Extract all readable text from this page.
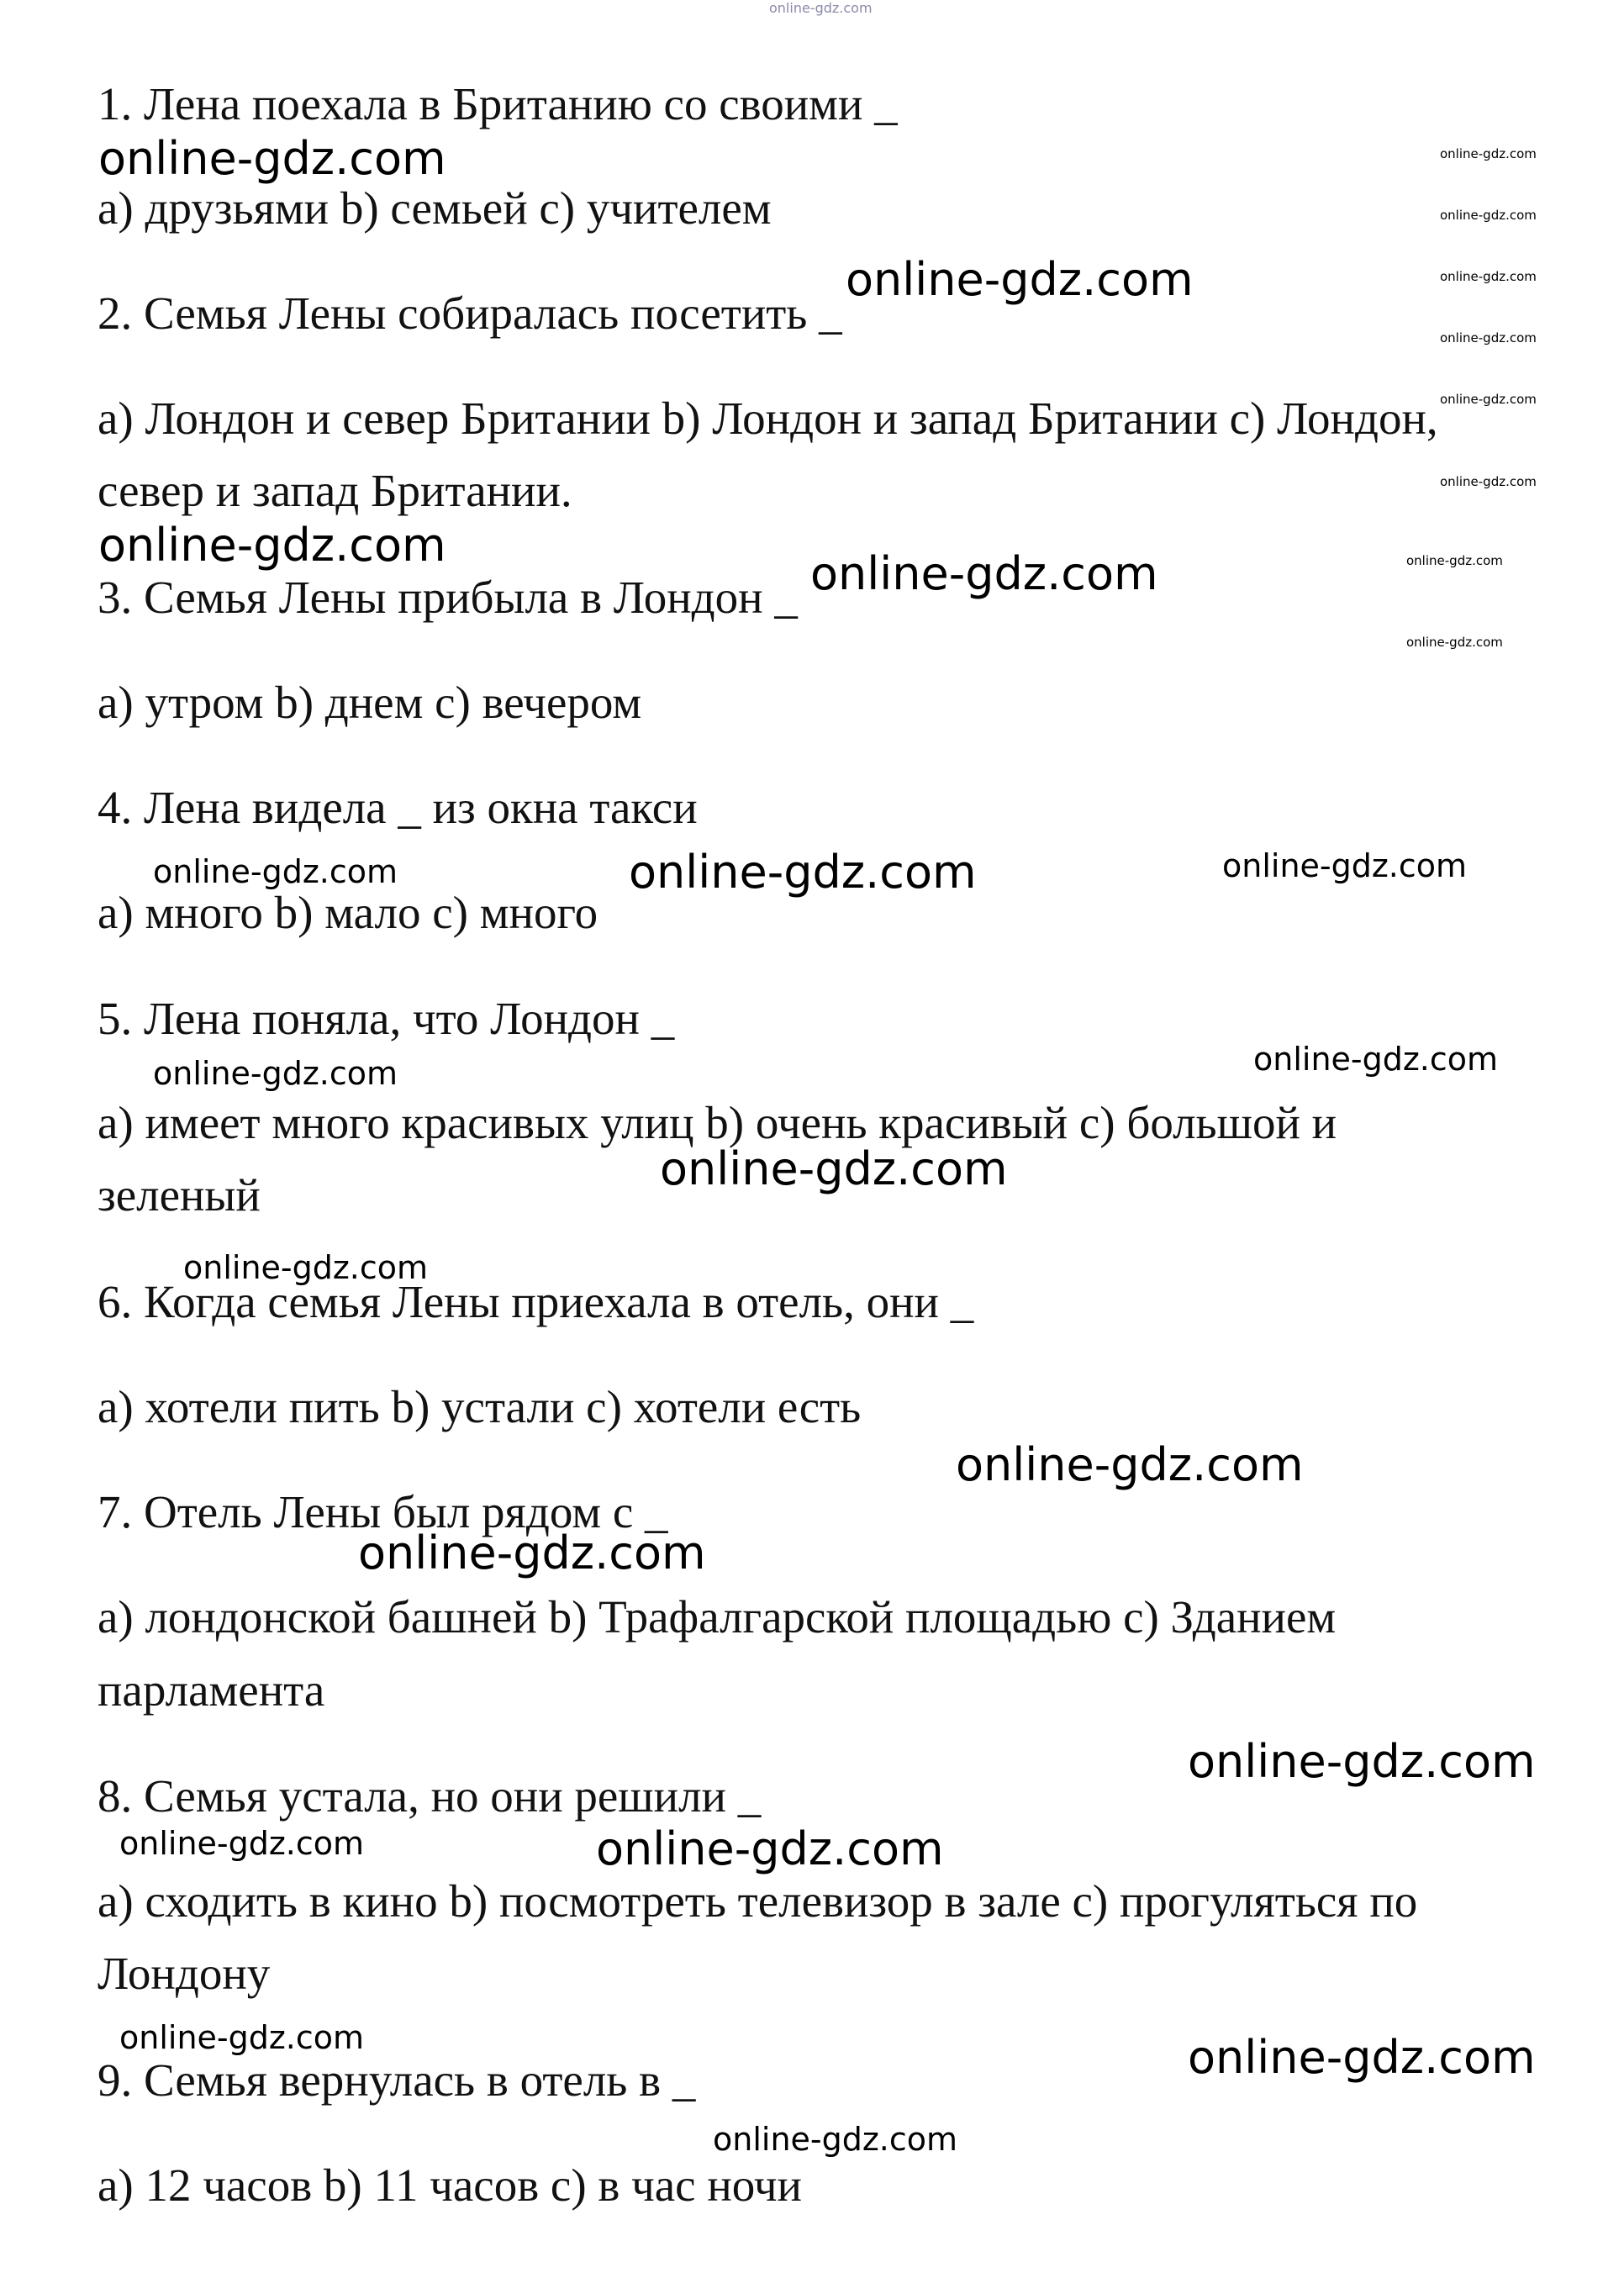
online-gdz.com
1. Лена поехала в Британию со своими _
а) друзьями b) семьей c) учителем
2. Семья Лены собиралась посетить _
а) Лондон и север Британии b) Лондон и запад Британии c) Лондон,
север и запад Британии.
3. Семья Лены прибыла в Лондон _
а) утром b) днем c) вечером
4. Лена видела _ из окна такси
а) много b) мало c) много
5. Лена поняла, что Лондон _
а) имеет много красивых улиц b) очень красивый c) большой и
зеленый
6. Когда семья Лены приехала в отель, они _
а) хотели пить b) устали c) хотели есть
7. Отель Лены был рядом с _
а) лондонской башней b) Трафалгарской площадью c) Зданием
парламента
8. Семья устала, но они решили _
а) сходить в кино b) посмотреть телевизор в зале c) прогуляться по
Лондону
9. Семья вернулась в отель в _
а) 12 часов b) 11 часов c) в час ночи
online-gdz.com
online-gdz.com
online-gdz.com
online-gdz.com
online-gdz.com
online-gdz.com
online-gdz.com
online-gdz.com
online-gdz.com
online-gdz.com
online-gdz.com
online-gdz.com	online-gdz.com
online-gdz.com	online-gdz.com
online-gdz.com
online-gdz.com
online-gdz.com
online-gdz.com
online-gdz.com
online-gdz.com
online-gdz.com
online-gdz.com
online-gdz.com
online-gdz.com
online-gdz.com
online-gdz.com
